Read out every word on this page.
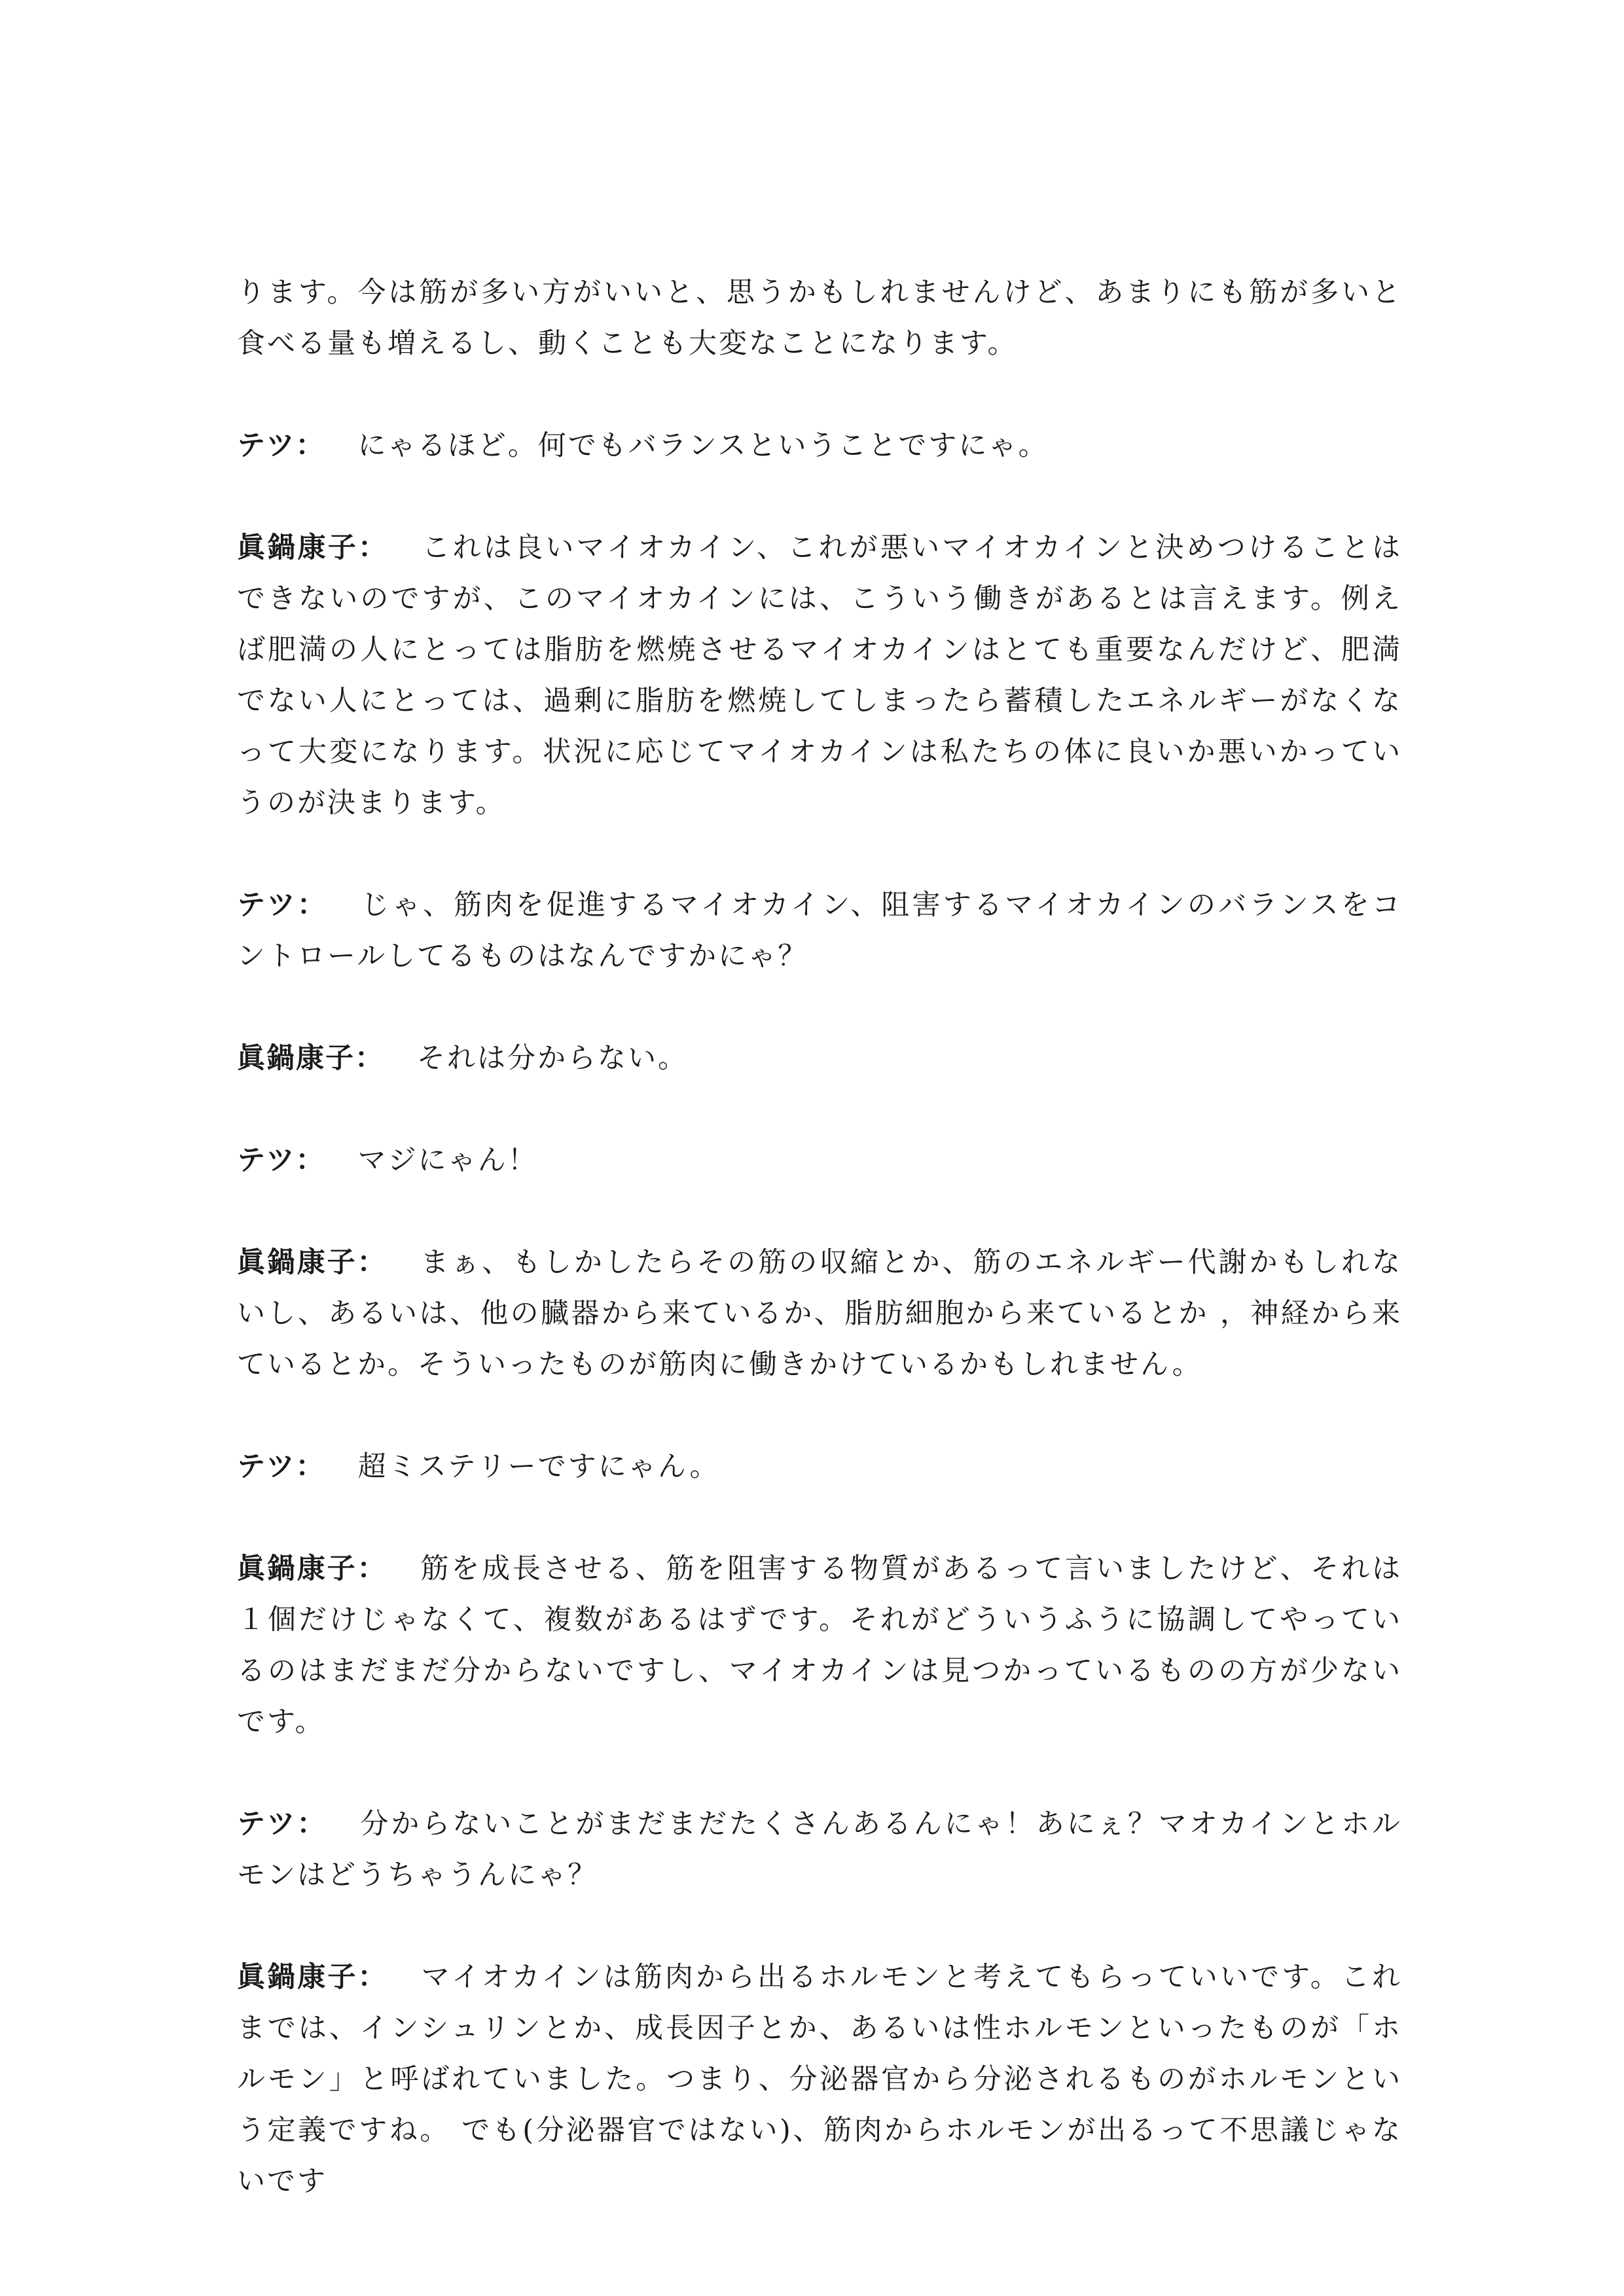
ります。今は筋が多い方がいいと、思うかもしれませんけど、あまりにも筋が多いと食べる量も増えるし、動くことも大変なことになります。

テツ： にゃるほど。何でもバランスということですにゃ。

眞鍋康子： これは良いマイオカイン、これが悪いマイオカインと決めつけることはできないのですが、このマイオカインには、こういう働きがあるとは言えます。例えば肥満の人にとっては脂肪を燃焼させるマイオカインはとても重要なんだけど、肥満でない人にとっては、過剰に脂肪を燃焼してしまったら蓄積したエネルギーがなくなって大変になります。状況に応じてマイオカインは私たちの体に良いか悪いかっていうのが決まります。

テツ： じゃ、筋肉を促進するマイオカイン、阻害するマイオカインのバランスをコントロールしてるものはなんですかにゃ？

眞鍋康子： それは分からない。

テツ： マジにゃん！

眞鍋康子： まぁ、もしかしたらその筋の収縮とか、筋のエネルギー代謝かもしれないし、あるいは、他の臓器から来ているか、脂肪細胞から来ているとか ，神経から来ているとか。そういったものが筋肉に働きかけているかもしれません。

テツ： 超ミステリーですにゃん。

眞鍋康子： 筋を成長させる、筋を阻害する物質があるって言いましたけど、それは１個だけじゃなくて、複数があるはずです。それがどういうふうに協調してやっているのはまだまだ分からないですし、マイオカインは見つかっているものの方が少ないです。

テツ： 分からないことがまだまだたくさんあるんにゃ！あにぇ？マオカインとホルモンはどうちゃうんにゃ？

眞鍋康子： マイオカインは筋肉から出るホルモンと考えてもらっていいです。これまでは、インシュリンとか、成長因子とか、あるいは性ホルモンといったものが「ホルモン」と呼ばれていました。つまり、分泌器官から分泌されるものがホルモンという定義ですね。 でも(分泌器官ではない)、筋肉からホルモンが出るって不思議じゃないです
